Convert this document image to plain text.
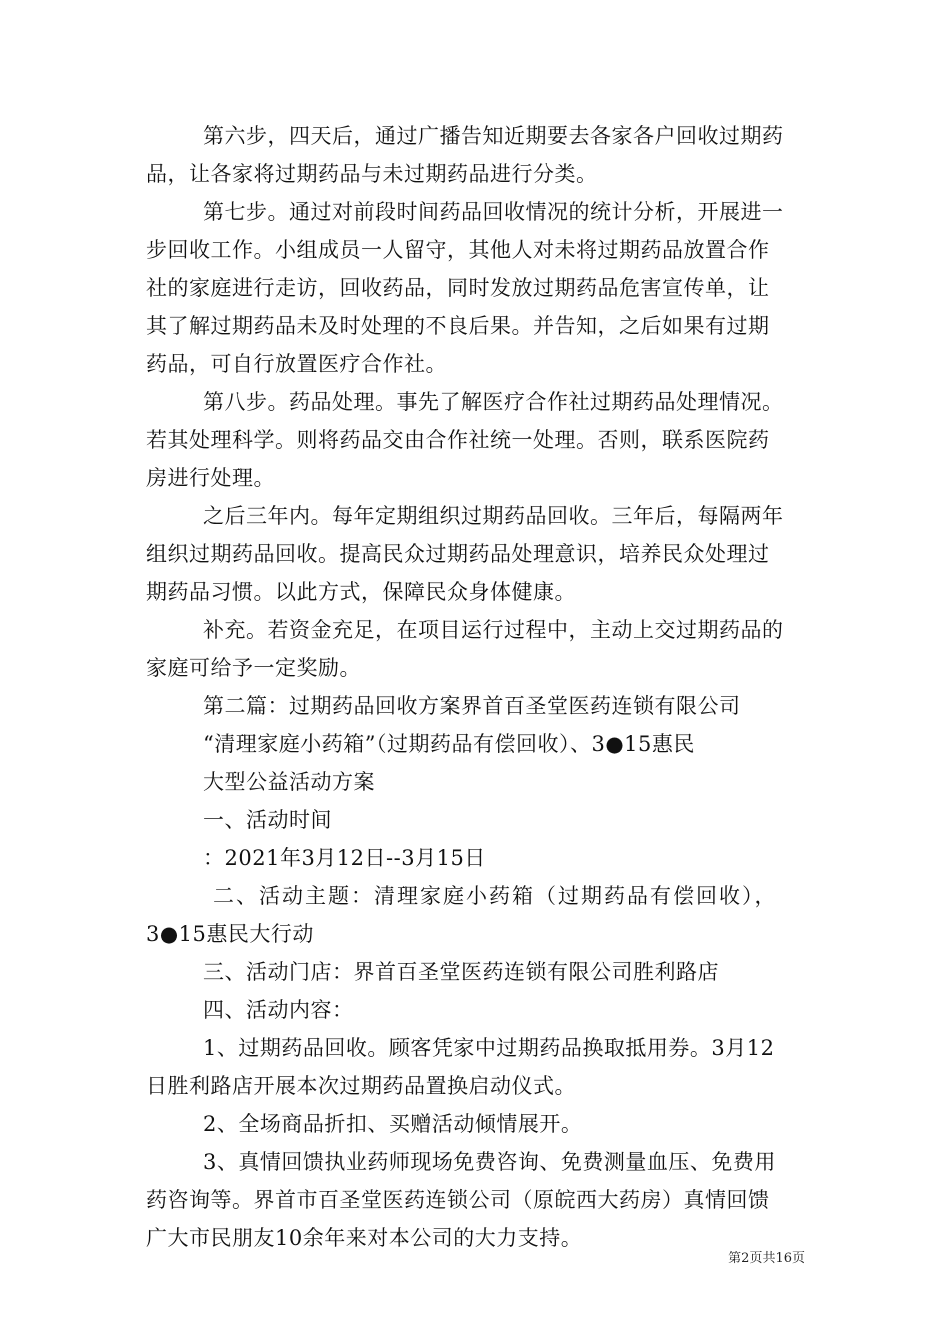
第六步，四天后，通过广播告知近期要去各家各户回收过期药
品，让各家将过期药品与未过期药品进行分类。
第七步。通过对前段时间药品回收情况的统计分析，开展进一
步回收工作。小组成员一人留守，其他人对未将过期药品放置合作
社的家庭进行走访，回收药品，同时发放过期药品危害宣传单，让
其了解过期药品未及时处理的不良后果。并告知，之后如果有过期
药品，可自行放置医疗合作社。
第八步。药品处理。事先了解医疗合作社过期药品处理情况。
若其处理科学。则将药品交由合作社统一处理。否则，联系医院药
房进行处理。
之后三年内。每年定期组织过期药品回收。三年后，每隔两年
组织过期药品回收。提高民众过期药品处理意识，培养民众处理过
期药品习惯。以此方式，保障民众身体健康。
补充。若资金充足，在项目运行过程中，主动上交过期药品的
家庭可给予一定奖励。
第二篇：过期药品回收方案界首百圣堂医药连锁有限公司
“清理家庭小药箱”（过期药品有偿回收）、3●15惠民
大型公益活动方案
一、活动时间
：2021年3月12日--3月15日
二、活动主题：清理家庭小药箱（过期药品有偿回收），
3●15惠民大行动
三、活动门店：界首百圣堂医药连锁有限公司胜利路店
四、活动内容：
1、过期药品回收。顾客凭家中过期药品换取抵用券。3月12
日胜利路店开展本次过期药品置换启动仪式。
2、全场商品折扣、买赠活动倾情展开。
3、真情回馈执业药师现场免费咨询、免费测量血压、免费用
药咨询等。界首市百圣堂医药连锁公司（原皖西大药房）真情回馈
广大市民朋友10余年来对本公司的大力支持。
第2页共16页
